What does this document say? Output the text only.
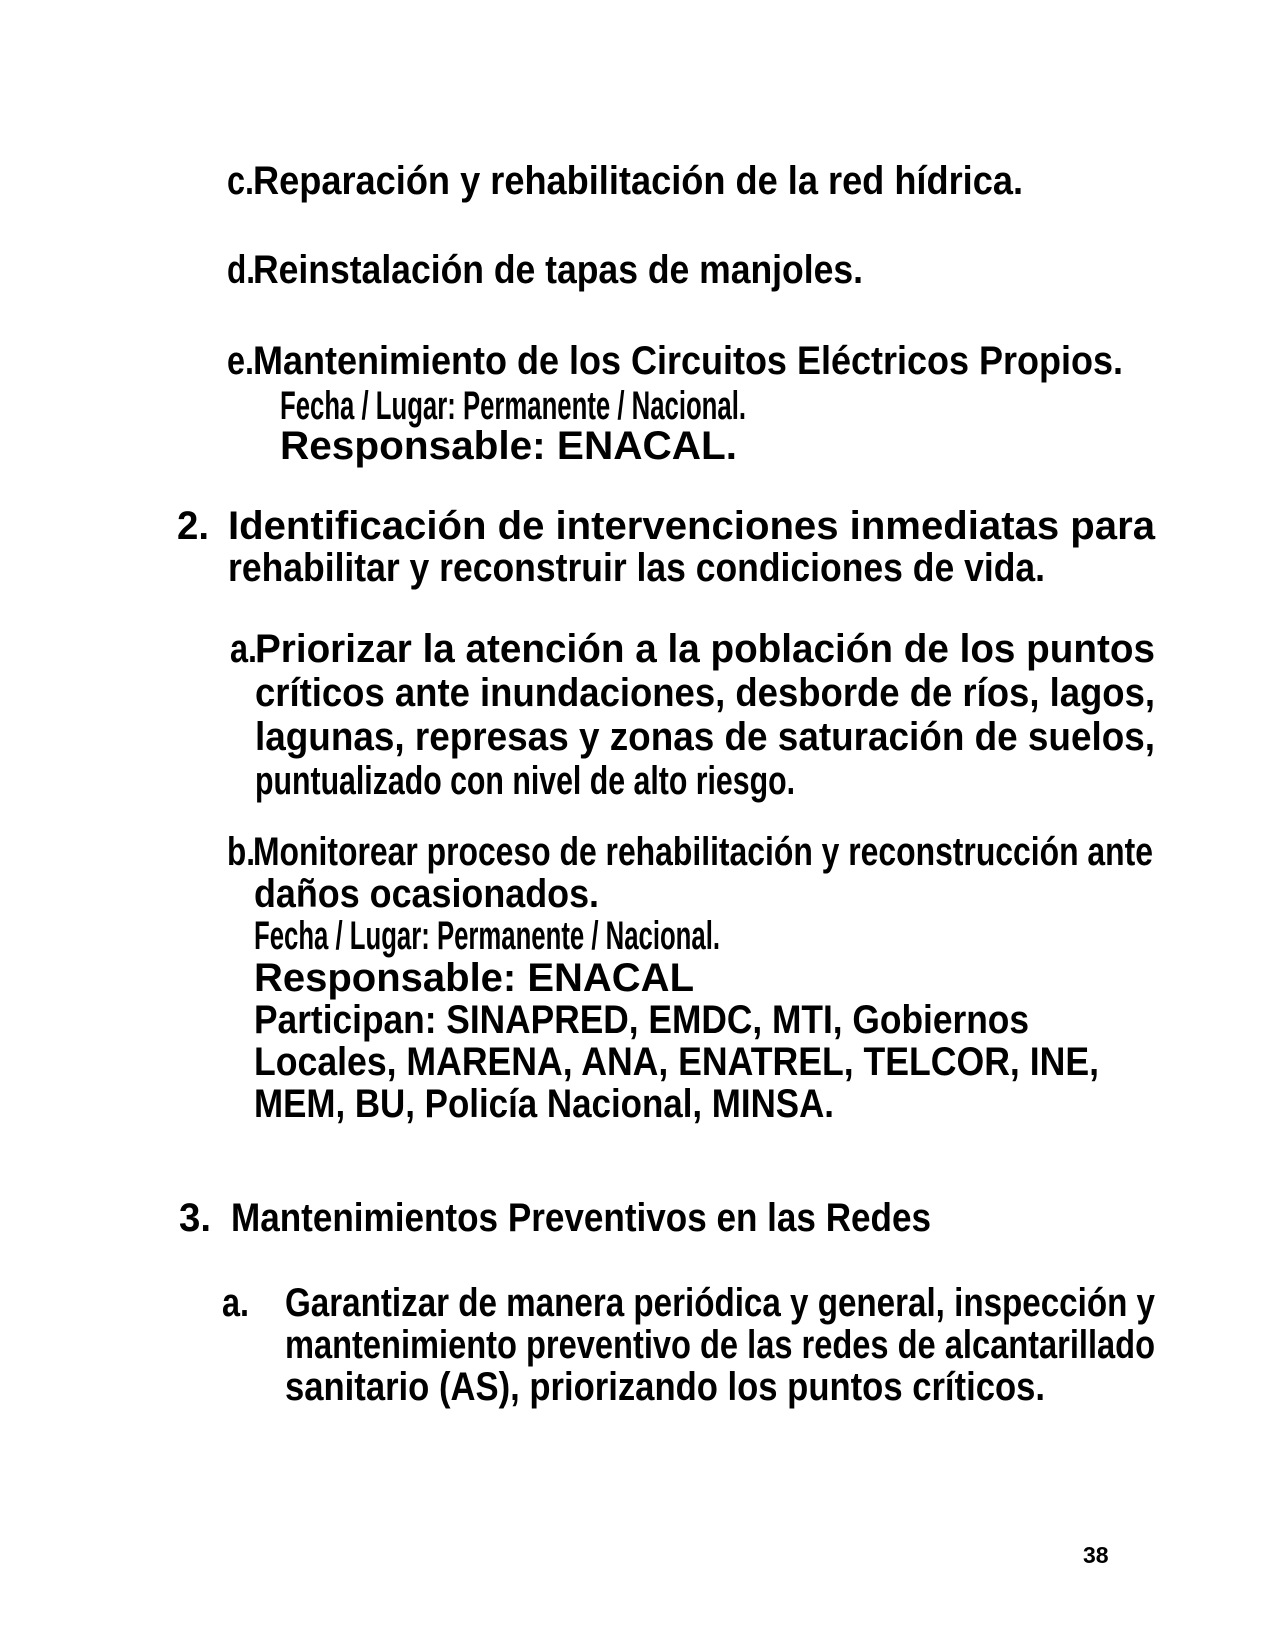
c. Reparación y rehabilitación de la red hídrica.
d.
Reinstalación de tapas de manjoles.
e. Mantenimiento de los Circuitos Eléctricos Propios.
Fecha / Lugar: Permanente / Nacional.
Responsable: ENACAL.
2. Identificación de intervenciones inmediatas para
rehabilitar y reconstruir las condiciones de vida.
a.
Priorizar la atención a la población de los puntos
críticos ante inundaciones, desborde de ríos, lagos,
lagunas, represas y zonas de saturación de suelos,
puntualizado con nivel de alto riesgo.
b.
Monitorear proceso de rehabilitación y reconstrucción ante
daños ocasionados.
Fecha / Lugar: Permanente / Nacional.
Responsable: ENACAL
Participan: SINAPRED, EMDC, MTI, Gobiernos
Locales, MARENA, ANA, ENATREL, TELCOR, INE,
MEM, BU, Policía Nacional, MINSA.
3. Mantenimientos Preventivos en las Redes
a. Garantizar de manera periódica y general, inspección y
mantenimiento preventivo de las redes de alcantarillado
sanitario (AS), priorizando los puntos críticos.
38
